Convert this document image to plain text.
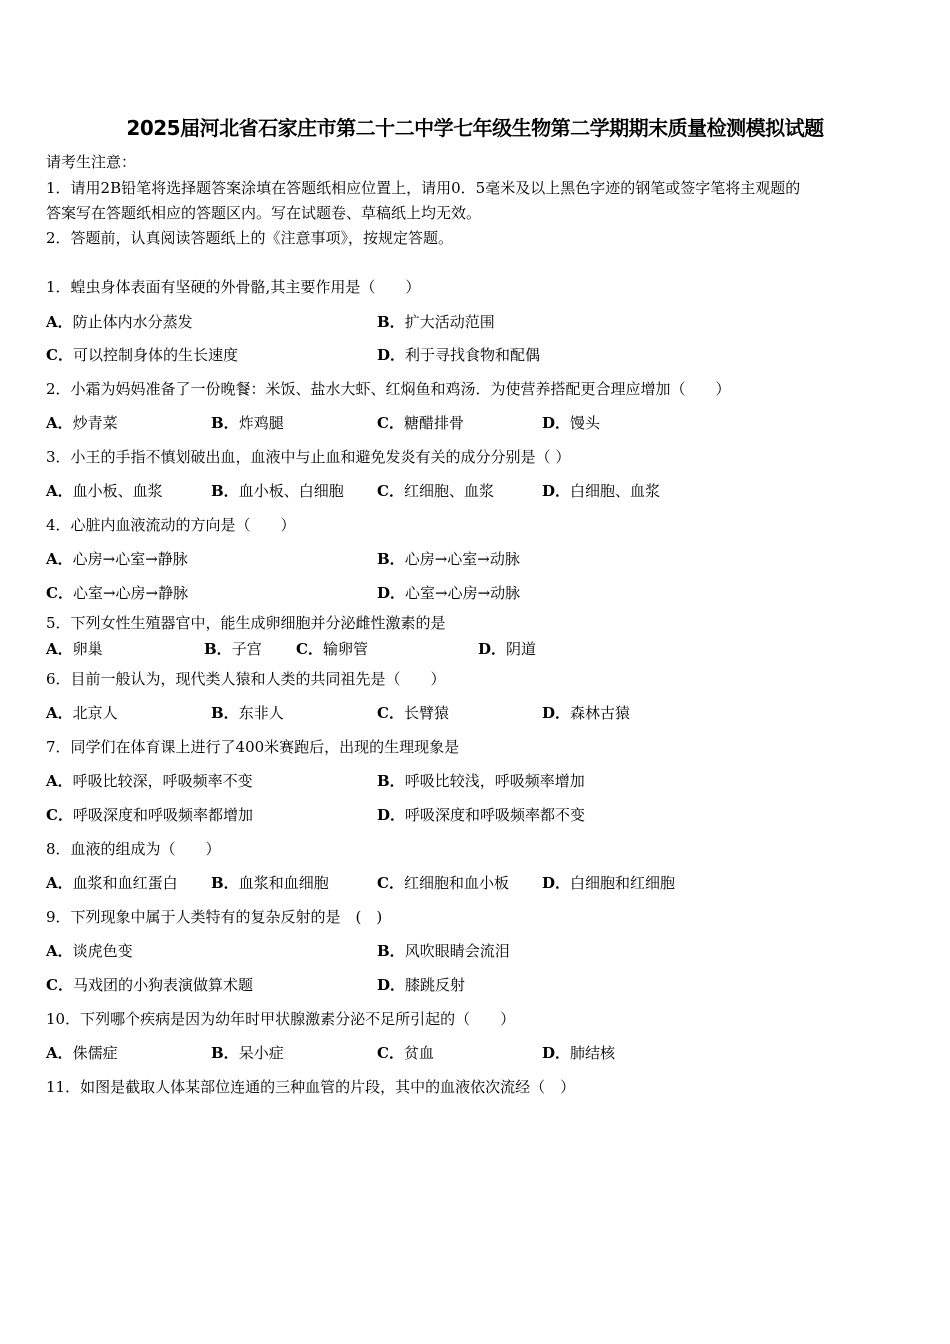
2025届河北省石家庄市第二十二中学七年级生物第二学期期末质量检测模拟试题
请考生注意：
1．请用2B铅笔将选择题答案涂填在答题纸相应位置上，请用0．5毫米及以上黑色字迹的钢笔或签字笔将主观题的
答案写在答题纸相应的答题区内。写在试题卷、草稿纸上均无效。
2．答题前，认真阅读答题纸上的《注意事项》，按规定答题。
1．蝗虫身体表面有坚硬的外骨骼,其主要作用是（　　）
A．防止体内水分蒸发	B．扩大活动范围
C．可以控制身体的生长速度	D．利于寻找食物和配偶
2．小霜为妈妈准备了一份晚餐：米饭、盐水大虾、红焖鱼和鸡汤．为使营养搭配更合理应增加（　　）
A．炒青菜	B．炸鸡腿	C．糖醋排骨	D．馒头
3．小王的手指不慎划破出血，血液中与止血和避免发炎有关的成分分别是（ ）
A．血小板、血浆	B．血小板、白细胞 C．红细胞、血浆	D．白细胞、血浆
4．心脏内血液流动的方向是（　　）
A．心房→心室→静脉	B．心房→心室→动脉
C．心室→心房→静脉	D．心室→心房→动脉
5．下列女性生殖器官中，能生成卵细胞并分泌雌性激素的是
A．卵巢	B．子宫 C．输卵管	D．阴道
6．目前一般认为，现代类人猿和人类的共同祖先是（　　）
A．北京人	B．东非人	C．长臂猿	D．森林古猿
7．同学们在体育课上进行了400米赛跑后，出现的生理现象是
A．呼吸比较深，呼吸频率不变	B．呼吸比较浅，呼吸频率增加
C．呼吸深度和呼吸频率都增加	D．呼吸深度和呼吸频率都不变
8．血液的组成为（　　）
A．血浆和血红蛋白 B．血浆和血细胞	C．红细胞和血小板 D．白细胞和红细胞
9．下列现象中属于人类特有的复杂反射的是　(　)
A．谈虎色变	B．风吹眼睛会流泪
C．马戏团的小狗表演做算术题	D．膝跳反射
10．下列哪个疾病是因为幼年时甲状腺激素分泌不足所引起的（　　）
A．侏儒症	B．呆小症	C．贫血	D．肺结核
11．如图是截取人体某部位连通的三种血管的片段，其中的血液依次流经（　）
